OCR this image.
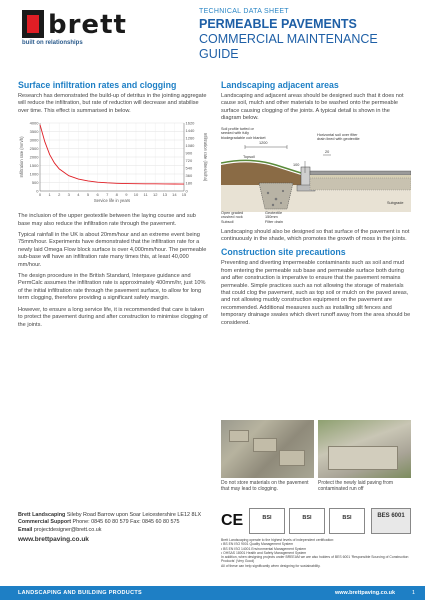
brett
built on relationships
TECHNICAL DATA SHEET
PERMEABLE PAVEMENTS
COMMERCIAL MAINTENANCE GUIDE
Surface infiltration rates and clogging

Research has demonstrated the build-up of detritus in the jointing aggregate will reduce the infiltration, but rate of reduction will decrease and stabilise over time. This effect is summarised in below.

0 1 2 3 4 5 6 7 8 9 10 11 12 13 14 15
0
500
1000
1500
2000
2500
3000
3500
4000
0
180
360
540
720
900
1080
1260
1440
1620
Service life in years
Infiltration rate (mm/h)	Infiltration rate (litres/s/ha)

The inclusion of the upper geotextile between the laying course and sub base may also reduce the infiltration rate through the pavement.

Typical rainfall in the UK is about 20mm/hour and an extreme event being 75mm/hour. Experiments have demonstrated that the infiltration rate for a newly laid Omega Flow block surface is over 4,000mm/hour. The permeable sub-base will have an infiltration rate many times this, at least 40,000 mm/hour.

The design procedure in the British Standard, Interpave guidance and PermCalc assumes the infiltration rate is approximately 400mm/hr, just 10% of the initial infiltration rate through the pavement surface, to allow for long term clogging, therefore providing a significant safety margin.

However, to ensure a long service life, it is recommended that care is taken to protect the pavement during and after construction to minimise clogging of the joints.

Landscaping adjacent areas

Landscaping and adjacent areas should be designed such that it does not cause soil, mulch and other materials to be washed onto the permeable surface causing clogging of the joints. A typical detail is shown in the diagram below.

Soil profile turfed or seeded with fully biodegradable coir blanket
1200
Topsoil
Horizontal soil over filter drain lined with geotextile
20
100
Subgrade
Open graded crushed rock
Subsoil
Geotextile
150mm
Filter drain

Landscaping should also be designed so that surface of the pavement is not continuously in the shade, which promotes the growth of moss in the joints.

Construction site precautions

Preventing and diverting impermeable contaminants such as soil and mud from entering the permeable sub base and permeable surface both during and after construction is imperative to ensure that the pavement remains permeable. Simple practices such as not allowing the storage of materials that could clog the pavement, such as top soil or mulch on the paved areas, and not allowing muddy construction equipment on the pavement are recommended. Additional measures such as installing silt fences and temporary drainage swales which divert runoff away from the area should be considered.

Do not store materials on the pavement that may lead to clogging.
Protect the newly laid paving from contaminated run off
Brett Landscaping Sileby Road Barrow upon Soar Leicestershire LE12 8LX
Commercial Support Phone: 0845 60 80 579 Fax: 0845 60 80 575
Email projectdesigner@brett.co.uk
www.brettpaving.co.uk
CE	BSI	BSI	BSI	BES 6001
Brett Landscaping operate to the highest levels of independent certification:
• BS EN ISO 9001 Quality Management System
• BS EN ISO 14001 Environmental Management System
• OHSAS 18001 Health and Safety Management System
In addition, when designing projects under BREEAM we are also holders of BES 6001 'Responsible Sourcing of Construction Products' (Very Good)
All of these can help significantly when designing for sustainability.
LANDSCAPING AND BUILDING PRODUCTS	www.brettpaving.co.uk	1
